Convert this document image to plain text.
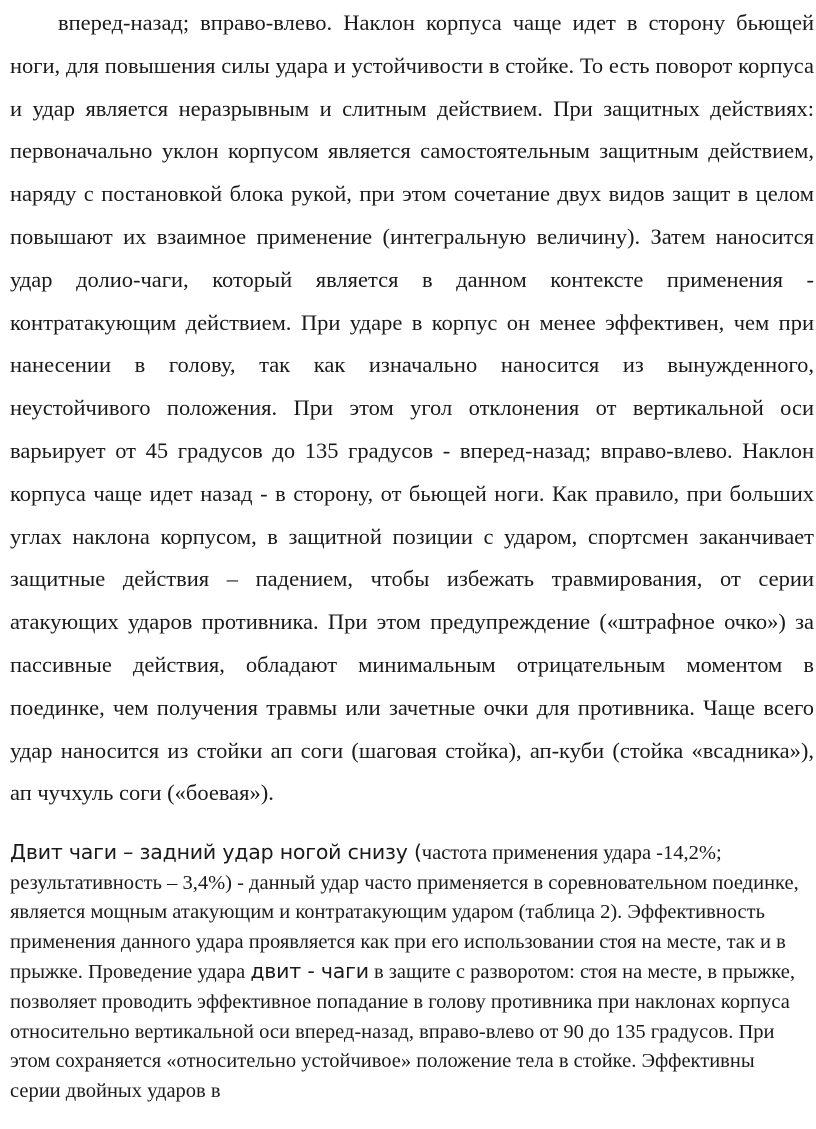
вперед-назад; вправо-влево. Наклон корпуса чаще идет в сторону бьющей ноги, для повышения силы удара и устойчивости в стойке. То есть поворот корпуса и удар является неразрывным и слитным действием. При защитных действиях: первоначально уклон корпусом является самостоятельным защитным действием, наряду с постановкой блока рукой, при этом сочетание двух видов защит в целом повышают их взаимное применение (интегральную величину). Затем наносится удар долио-чаги, который является в данном контексте применения - контратакующим действием. При ударе в корпус он менее эффективен, чем при нанесении в голову, так как изначально наносится из вынужденного, неустойчивого положения. При этом угол отклонения от вертикальной оси варьирует от 45 градусов до 135 градусов - вперед-назад; вправо-влево. Наклон корпуса чаще идет назад - в сторону, от бьющей ноги. Как правило, при больших углах наклона корпусом, в защитной позиции с ударом, спортсмен заканчивает защитные действия – падением, чтобы избежать травмирования, от серии атакующих ударов противника. При этом предупреждение («штрафное очко») за пассивные действия, обладают минимальным отрицательным моментом в поединке, чем получения травмы или зачетные очки для противника. Чаще всего удар наносится из стойки ап соги (шаговая стойка), ап-куби (стойка «всадника»), ап чучхуль соги («боевая»).

Двит чаги – задний удар ногой снизу (частота применения удара -14,2%; результативность – 3,4%) - данный удар часто применяется в соревновательном поединке, является мощным атакующим и контратакующим ударом (таблица 2). Эффективность применения данного удара проявляется как при его использовании стоя на месте, так и в прыжке. Проведение удара двит - чаги в защите с разворотом: стоя на месте, в прыжке, позволяет проводить эффективное попадание в голову противника при наклонах корпуса относительно вертикальной оси вперед-назад, вправо-влево от 90 до 135 градусов. При этом сохраняется «относительно устойчивое» положение тела в стойке. Эффективны серии двойных ударов в
